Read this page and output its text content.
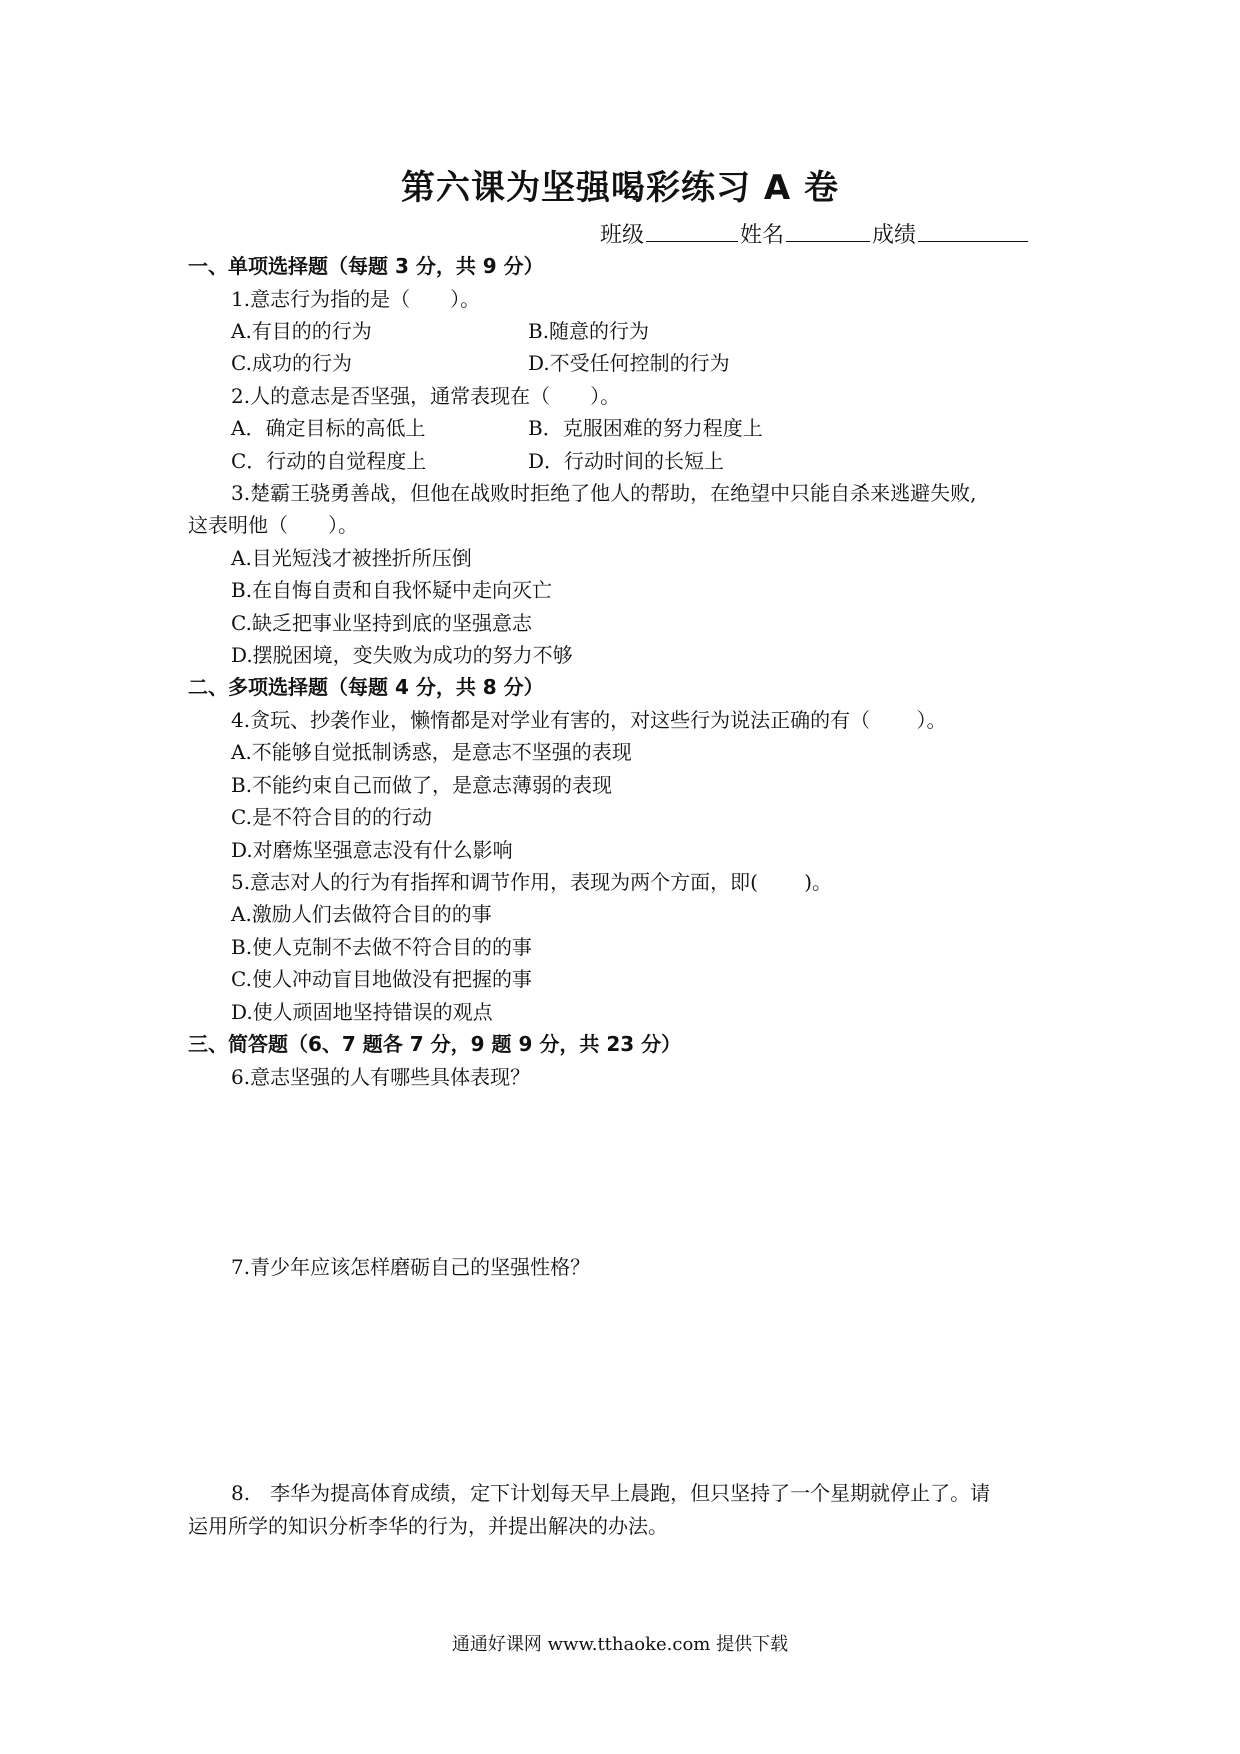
第六课为坚强喝彩练习 A 卷
班级	姓名	成绩
一、单项选择题（每题 3 分，共 9 分）
1.意志行为指的是（　　）。
A.有目的的行为	B.随意的行为
C.成功的行为	D.不受任何控制的行为
2.人的意志是否坚强，通常表现在（　　）。
A．确定目标的高低上	B．克服困难的努力程度上
C．行动的自觉程度上	D．行动时间的长短上
3.楚霸王骁勇善战，但他在战败时拒绝了他人的帮助，在绝望中只能自杀来逃避失败,
这表明他（　　）。
A.目光短浅才被挫折所压倒
B.在自悔自责和自我怀疑中走向灭亡
C.缺乏把事业坚持到底的坚强意志
D.摆脱困境，变失败为成功的努力不够
二、多项选择题（每题 4 分，共 8 分）
4.贪玩、抄袭作业，懒惰都是对学业有害的，对这些行为说法正确的有（　　 ）。
A.不能够自觉抵制诱惑，是意志不坚强的表现
B.不能约束自己而做了，是意志薄弱的表现
C.是不符合目的的行动
D.对磨炼坚强意志没有什么影响
5.意志对人的行为有指挥和调节作用，表现为两个方面，即(　　 )。
A.激励人们去做符合目的的事
B.使人克制不去做不符合目的的事
C.使人冲动盲目地做没有把握的事
D.使人顽固地坚持错误的观点
三、简答题（6、7 题各 7 分，9 题 9 分，共 23 分）
6.意志坚强的人有哪些具体表现？
7.青少年应该怎样磨砺自己的坚强性格？
8.　李华为提高体育成绩，定下计划每天早上晨跑，但只坚持了一个星期就停止了。请
运用所学的知识分析李华的行为，并提出解决的办法。
通通好课网 www.tthaoke.com 提供下载
